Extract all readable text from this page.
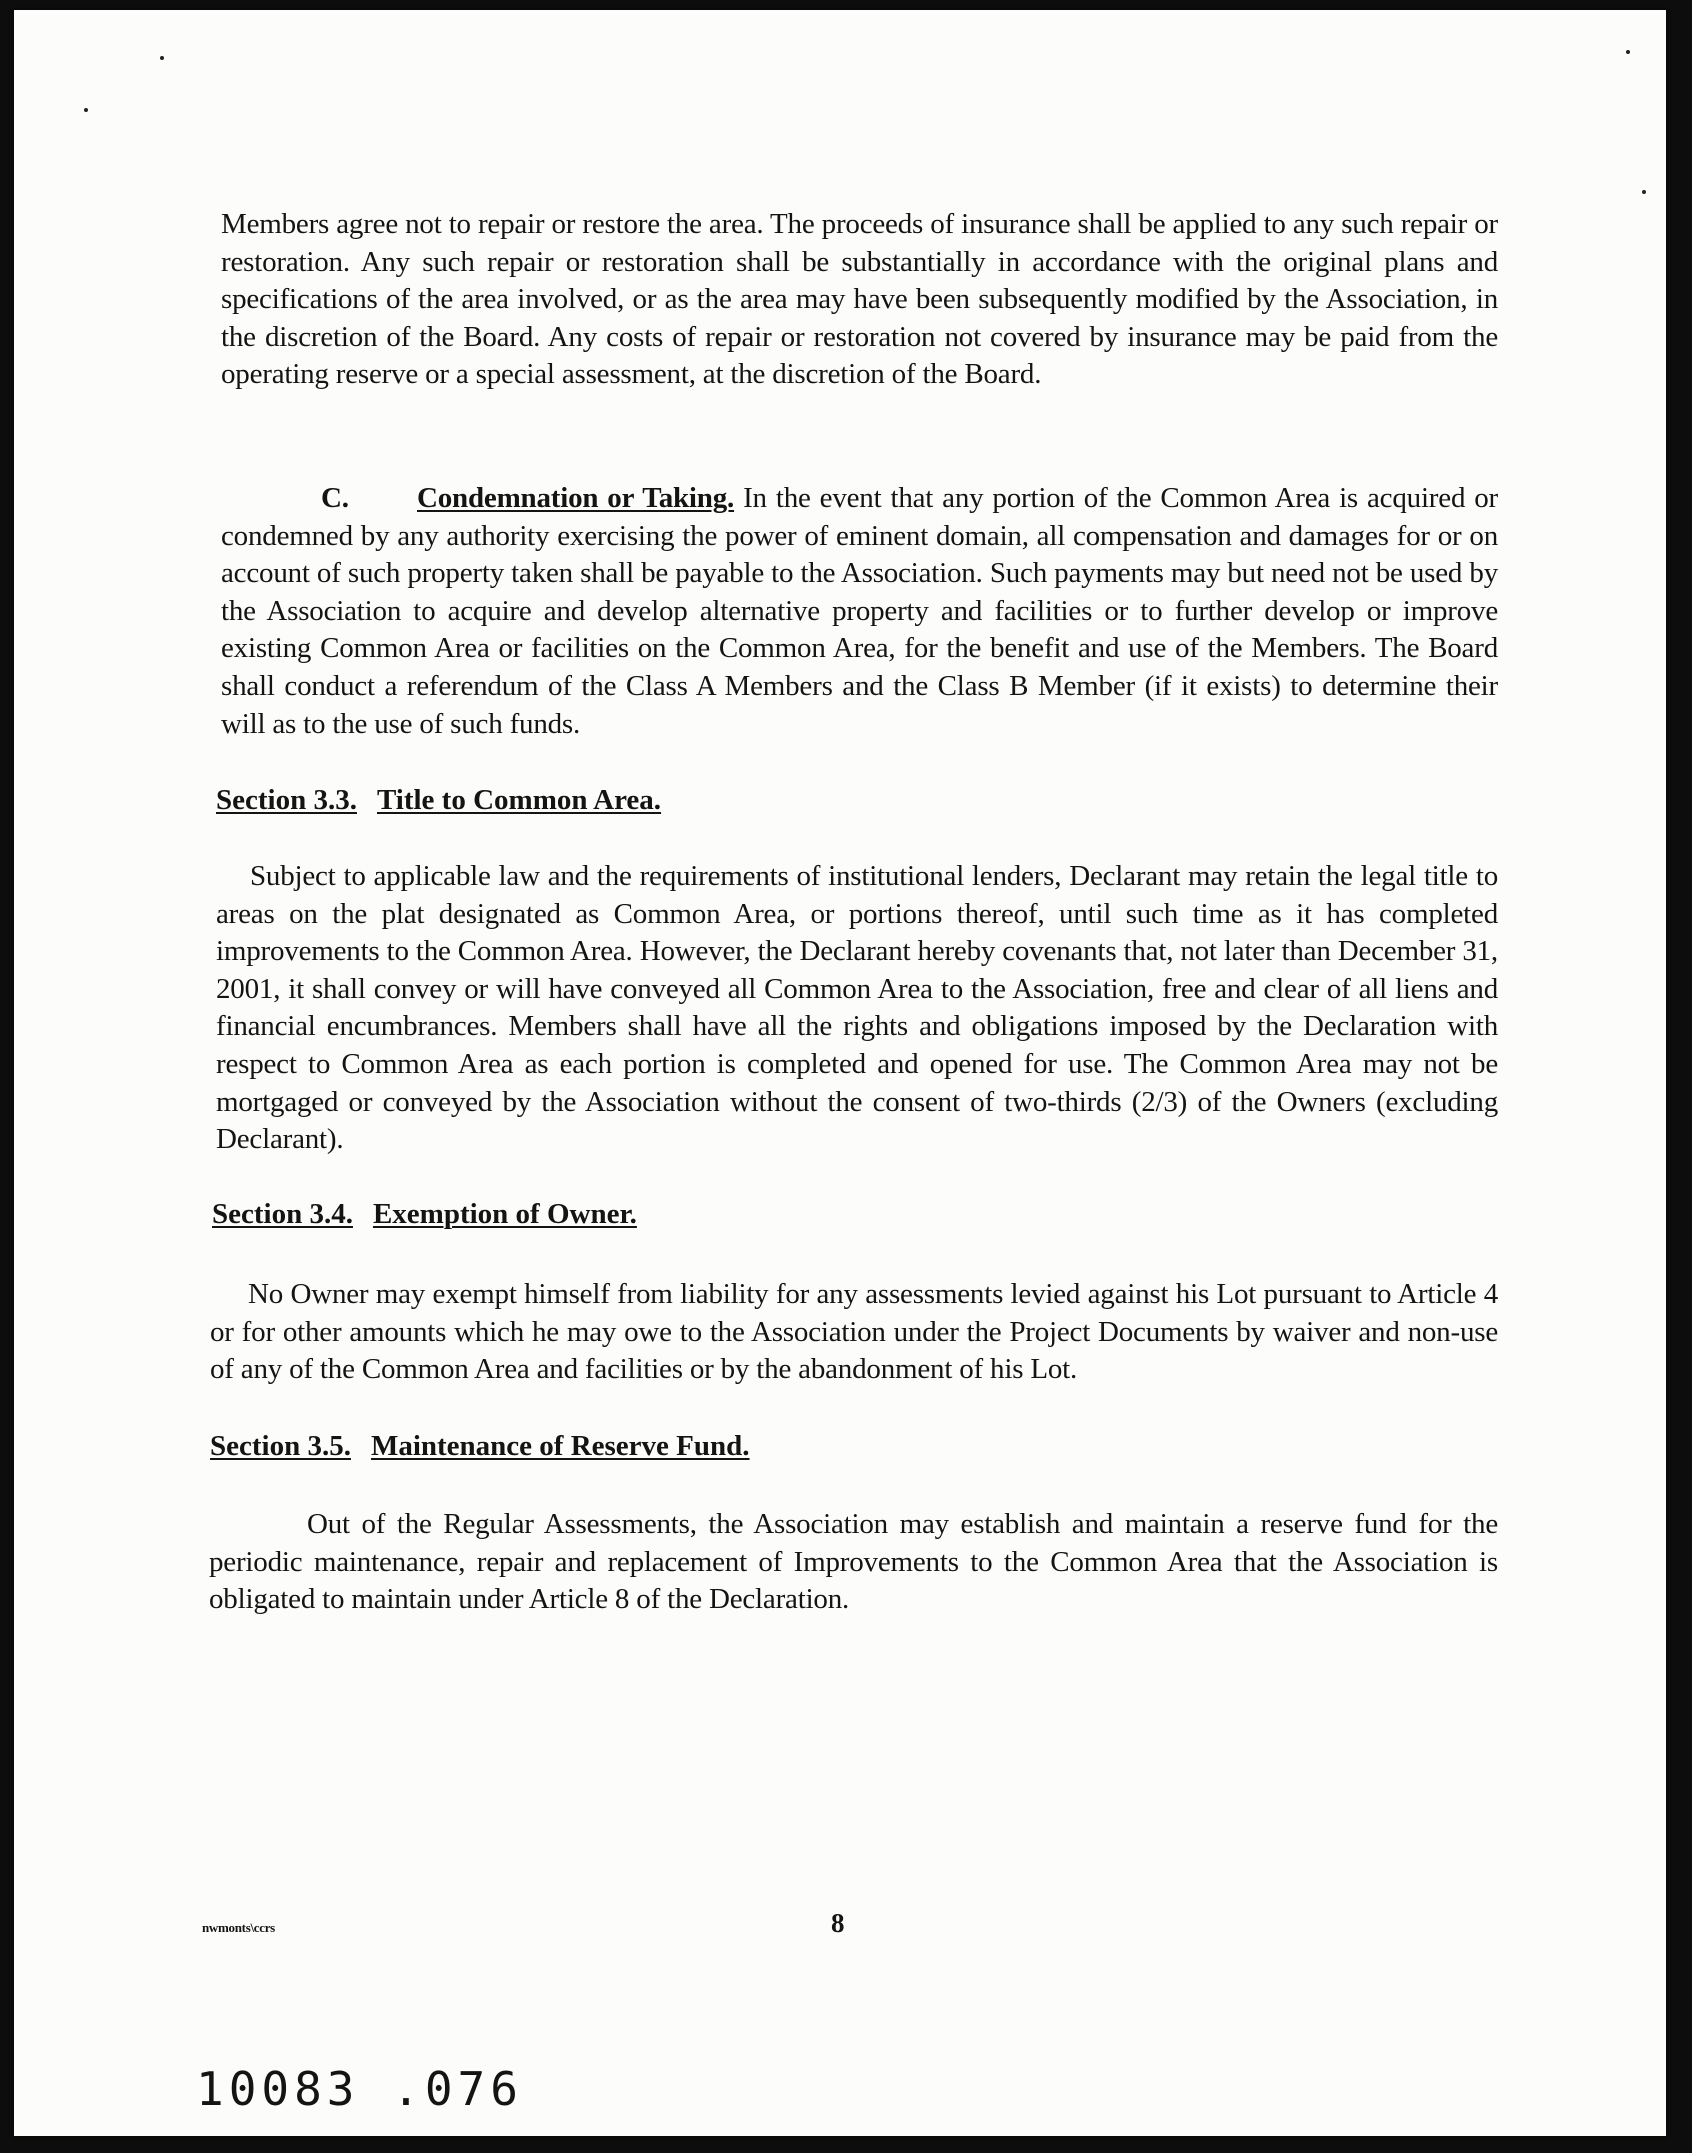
Members agree not to repair or restore the area. The proceeds of insurance shall be applied to any such repair or restoration. Any such repair or restoration shall be substantially in accordance with the original plans and specifications of the area involved, or as the area may have been subsequently modified by the Association, in the discretion of the Board. Any costs of repair or restoration not covered by insurance may be paid from the operating reserve or a special assessment, at the discretion of the Board.

C. Condemnation or Taking. In the event that any portion of the Common Area is acquired or condemned by any authority exercising the power of eminent domain, all compensation and damages for or on account of such property taken shall be payable to the Association. Such payments may but need not be used by the Association to acquire and develop alternative property and facilities or to further develop or improve existing Common Area or facilities on the Common Area, for the benefit and use of the Members. The Board shall conduct a referendum of the Class A Members and the Class B Member (if it exists) to determine their will as to the use of such funds.

Section 3.3. Title to Common Area.

Subject to applicable law and the requirements of institutional lenders, Declarant may retain the legal title to areas on the plat designated as Common Area, or portions thereof, until such time as it has completed improvements to the Common Area. However, the Declarant hereby covenants that, not later than December 31, 2001, it shall convey or will have conveyed all Common Area to the Association, free and clear of all liens and financial encumbrances. Members shall have all the rights and obligations imposed by the Declaration with respect to Common Area as each portion is completed and opened for use. The Common Area may not be mortgaged or conveyed by the Association without the consent of two-thirds (2/3) of the Owners (excluding Declarant).

Section 3.4. Exemption of Owner.

No Owner may exempt himself from liability for any assessments levied against his Lot pursuant to Article 4 or for other amounts which he may owe to the Association under the Project Documents by waiver and non-use of any of the Common Area and facilities or by the abandonment of his Lot.

Section 3.5. Maintenance of Reserve Fund.

Out of the Regular Assessments, the Association may establish and maintain a reserve fund for the periodic maintenance, repair and replacement of Improvements to the Common Area that the Association is obligated to maintain under Article 8 of the Declaration.

nwmonts\ccrs	8
10083 .076
